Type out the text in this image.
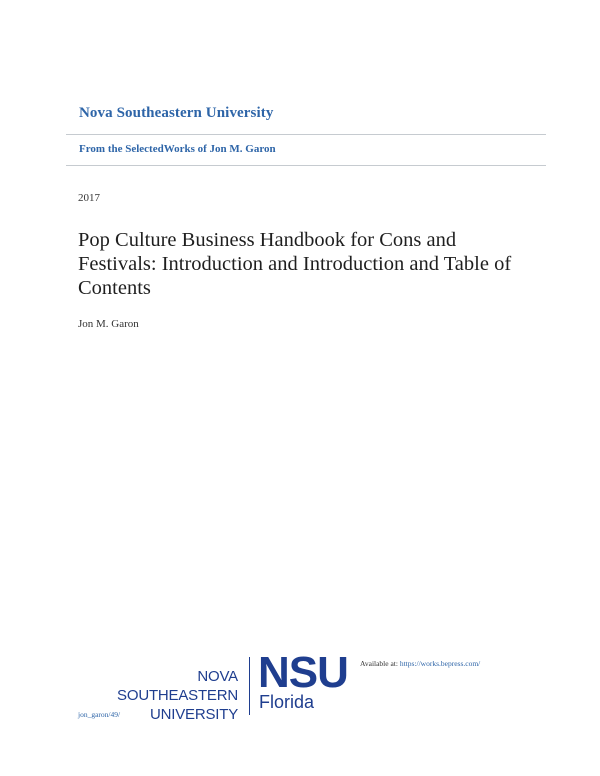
Nova Southeastern University
From the SelectedWorks of Jon M. Garon
2017
Pop Culture Business Handbook for Cons and Festivals: Introduction and Introduction and Table of Contents
Jon M. Garon
NOVA SOUTHEASTERN
UNIVERSITY
NSU
Florida
Available at: https://works.bepress.com/
jon_garon/49/
